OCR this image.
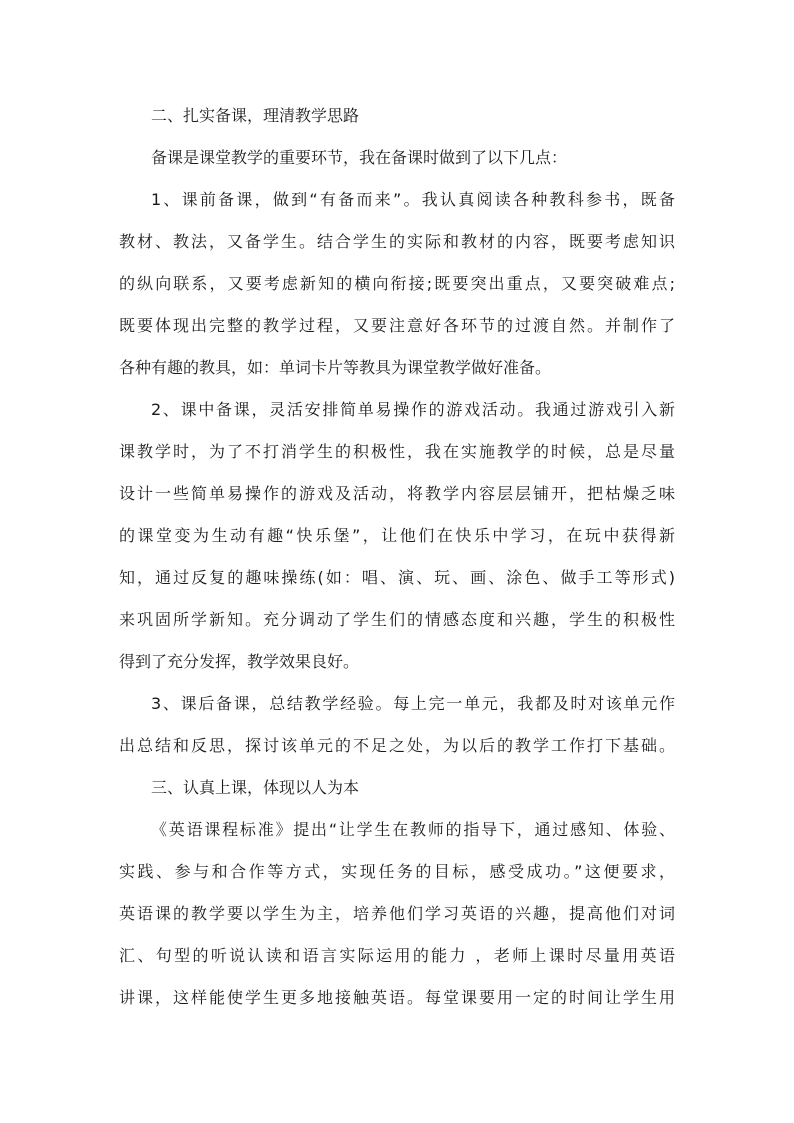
二、扎实备课，理清教学思路
备课是课堂教学的重要环节，我在备课时做到了以下几点：
1、课前备课，做到“有备而来”。我认真阅读各种教科参书，既备
教材、教法，又备学生。结合学生的实际和教材的内容，既要考虑知识
的纵向联系，又要考虑新知的横向衔接;既要突出重点，又要突破难点;
既要体现出完整的教学过程，又要注意好各环节的过渡自然。并制作了
各种有趣的教具，如：单词卡片等教具为课堂教学做好准备。
2、课中备课，灵活安排简单易操作的游戏活动。我通过游戏引入新
课教学时，为了不打消学生的积极性，我在实施教学的时候，总是尽量
设计一些简单易操作的游戏及活动，将教学内容层层铺开，把枯燥乏味
的课堂变为生动有趣“快乐堡”，让他们在快乐中学习，在玩中获得新
知，通过反复的趣味操练(如：唱、演、玩、画、涂色、做手工等形式)
来巩固所学新知。充分调动了学生们的情感态度和兴趣，学生的积极性
得到了充分发挥，教学效果良好。
3、课后备课，总结教学经验。每上完一单元，我都及时对该单元作
出总结和反思，探讨该单元的不足之处，为以后的教学工作打下基础。
三、认真上课，体现以人为本
《英语课程标准》提出“让学生在教师的指导下，通过感知、体验、
实践、参与和合作等方式，实现任务的目标，感受成功。”这便要求，
英语课的教学要以学生为主，培养他们学习英语的兴趣，提高他们对词
汇、句型的听说认读和语言实际运用的能力 ，老师上课时尽量用英语
讲课，这样能使学生更多地接触英语。每堂课要用一定的时间让学生用
